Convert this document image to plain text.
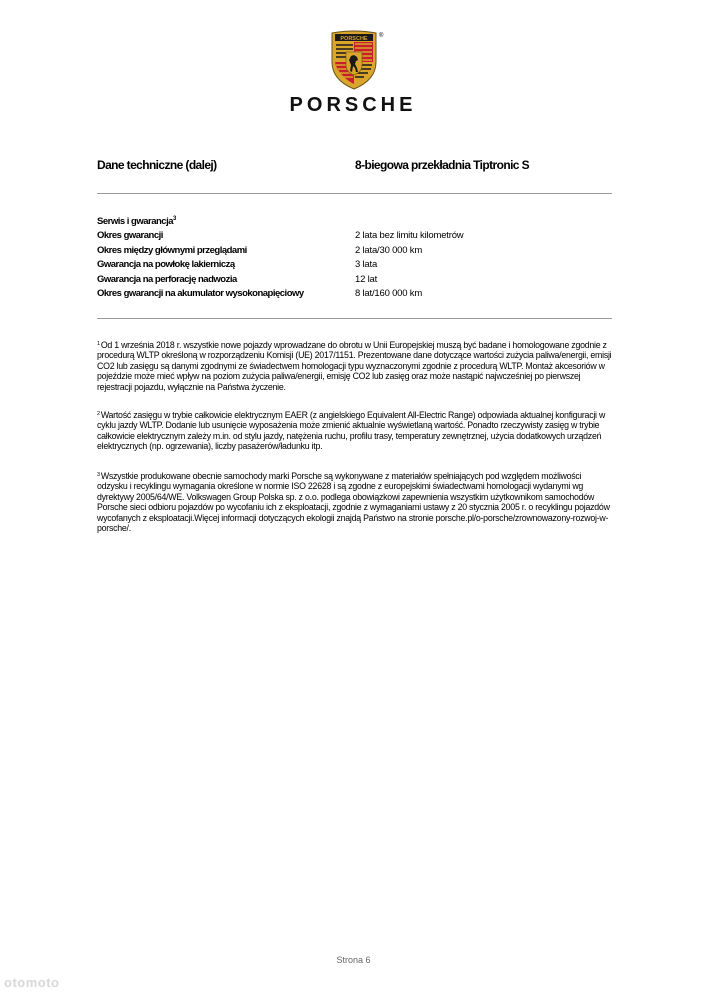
PORSCHE ®
PORSCHE
Dane techniczne (dalej)	8-biegowa przekładnia Tiptronic S
Serwis i gwarancja$^3$
Okres gwarancji	2 lata bez limitu kilometrów
Okres między głównymi przeglądami	2 lata/30 000 km
Gwarancja na powłokę lakierniczą	3 lata
Gwarancja na perforację nadwozia	12 lat
Okres gwarancji na akumulator wysokonapięciowy	8 lat/160 000 km
$^1$Od 1 września 2018 r. wszystkie nowe pojazdy wprowadzane do obrotu w Unii Europejskiej muszą być badane i homologowane zgodnie z procedurą WLTP określoną w rozporządzeniu Komisji (UE) 2017/1151. Prezentowane dane dotyczące wartości zużycia paliwa/energii, emisji CO2 lub zasięgu są danymi zgodnymi ze świadectwem homologacji typu wyznaczonymi zgodnie z procedurą WLTP. Montaż akcesoriów w pojeździe może mieć wpływ na poziom zużycia paliwa/energii, emisję CO2 lub zasięg oraz może nastąpić najwcześniej po pierwszej rejestracji pojazdu, wyłącznie na Państwa życzenie.
$^2$Wartość zasięgu w trybie całkowicie elektrycznym EAER (z angielskiego Equivalent All-Electric Range) odpowiada aktualnej konfiguracji w cyklu jazdy WLTP. Dodanie lub usunięcie wyposażenia może zmienić aktualnie wyświetlaną wartość. Ponadto rzeczywisty zasięg w trybie całkowicie elektrycznym zależy m.in. od stylu jazdy, natężenia ruchu, profilu trasy, temperatury zewnętrznej, użycia dodatkowych urządzeń elektrycznych (np. ogrzewania), liczby pasażerów/ładunku itp.
$^3$Wszystkie produkowane obecnie samochody marki Porsche są wykonywane z materiałów spełniających pod względem możliwości odzysku i recyklingu wymagania określone w normie ISO 22628 i są zgodne z europejskimi świadectwami homologacji wydanymi wg dyrektywy 2005/64/WE. Volkswagen Group Polska sp. z o.o. podlega obowiązkowi zapewnienia wszystkim użytkownikom samochodów Porsche sieci odbioru pojazdów po wycofaniu ich z eksploatacji, zgodnie z wymaganiami ustawy z 20 stycznia 2005 r. o recyklingu pojazdów wycofanych z eksploatacji.Więcej informacji dotyczących ekologii znajdą Państwo na stronie porsche.pl/o-porsche/zrownowazony-rozwoj-w-porsche/.
Strona 6
otomoto
